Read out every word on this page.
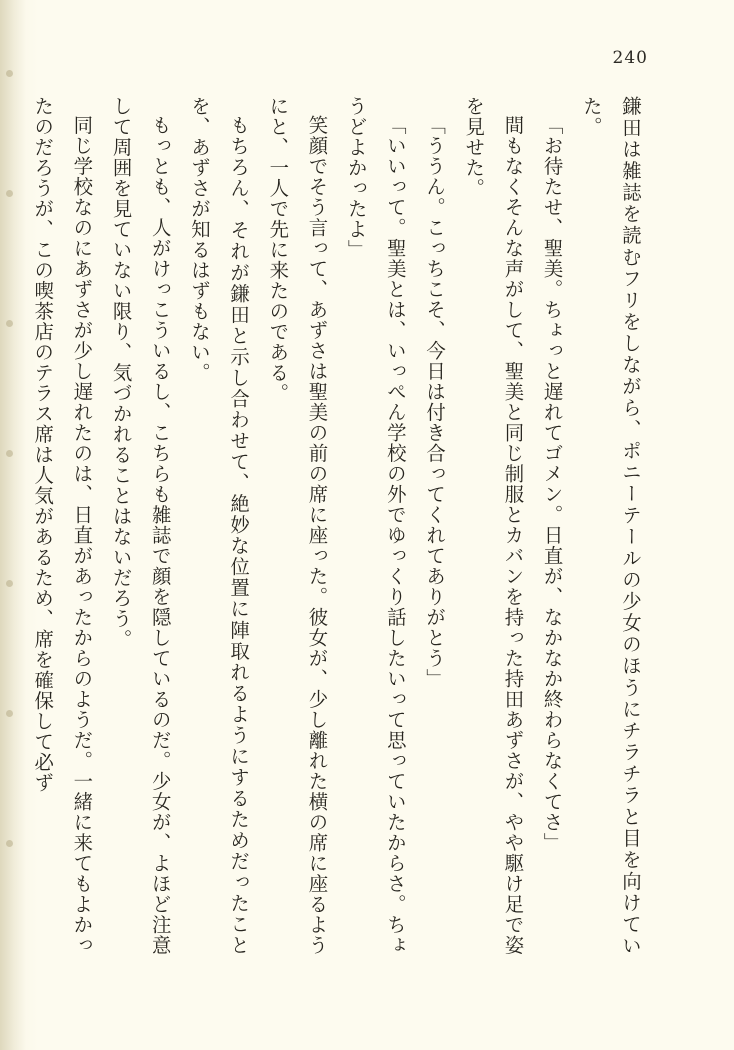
240

鎌田は雑誌を読むフリをしながら、ポニーテールの少女のほうにチラチラと目を向けていた。

「お待たせ、聖美。ちょっと遅れてゴメン。日直が、なかなか終わらなくてさ」

間もなくそんな声がして、聖美と同じ制服とカバンを持った持田あずさが、やや駆け足で姿を見せた。

「ううん。こっちこそ、今日は付き合ってくれてありがとう」

「いいって。聖美とは、いっぺん学校の外でゆっくり話したいって思っていたからさ。ちょうどよかったよ」

笑顔でそう言って、あずさは聖美の前の席に座った。彼女が、少し離れた横の席に座るようにと、一人で先に来たのである。

もちろん、それが鎌田と示し合わせて、絶妙な位置に陣取れるようにするためだったことを、あずさが知るはずもない。

もっとも、人がけっこういるし、こちらも雑誌で顔を隠しているのだ。少女が、よほど注意して周囲を見ていない限り、気づかれることはないだろう。

同じ学校なのにあずさが少し遅れたのは、日直があったからのようだ。一緒に来てもよかったのだろうが、この喫茶店のテラス席は人気があるため、席を確保して必ず
